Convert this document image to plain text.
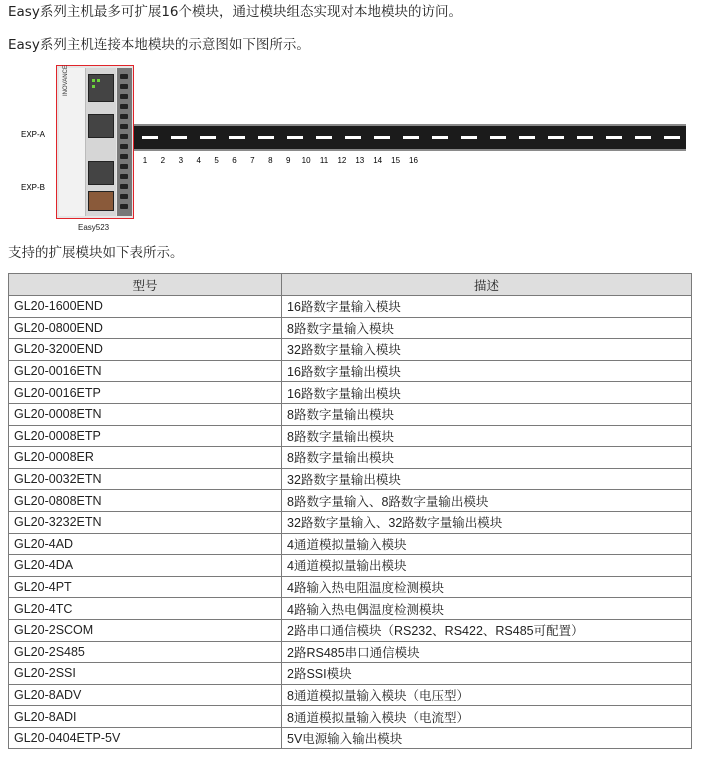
Easy系列主机最多可扩展16个模块，通过模块组态实现对本地模块的访问。
Easy系列主机连接本地模块的示意图如下图所示。
EXP-A
EXP-B
INOVANCE
Easy523
1	2	3	4	5	6	7	8	9	10	11	12	13	14	15	16
支持的扩展模块如下表所示。
型号	描述
GL20-1600END	16路数字量输入模块
GL20-0800END	8路数字量输入模块
GL20-3200END	32路数字量输入模块
GL20-0016ETN	16路数字量输出模块
GL20-0016ETP	16路数字量输出模块
GL20-0008ETN	8路数字量输出模块
GL20-0008ETP	8路数字量输出模块
GL20-0008ER	8路数字量输出模块
GL20-0032ETN	32路数字量输出模块
GL20-0808ETN	8路数字量输入、8路数字量输出模块
GL20-3232ETN	32路数字量输入、32路数字量输出模块
GL20-4AD	4通道模拟量输入模块
GL20-4DA	4通道模拟量输出模块
GL20-4PT	4路输入热电阻温度检测模块
GL20-4TC	4路输入热电偶温度检测模块
GL20-2SCOM	2路串口通信模块（RS232、RS422、RS485可配置）
GL20-2S485	2路RS485串口通信模块
GL20-2SSI	2路SSI模块
GL20-8ADV	8通道模拟量输入模块（电压型）
GL20-8ADI	8通道模拟量输入模块（电流型）
GL20-0404ETP-5V	5V电源输入输出模块
